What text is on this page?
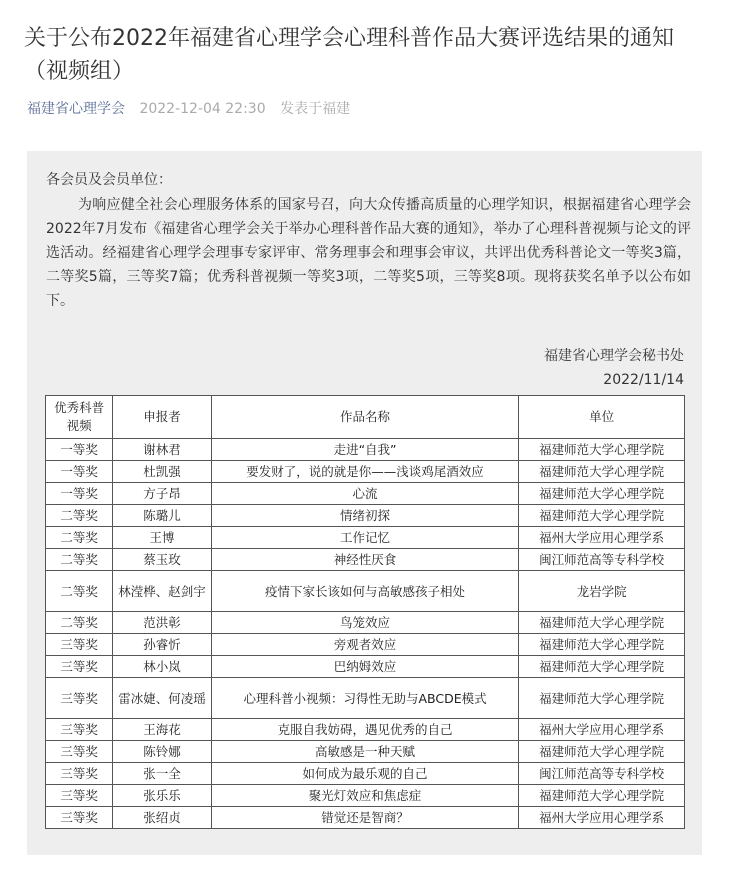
关于公布2022年福建省心理学会心理科普作品大赛评选结果的通知（视频组）
福建省心理学会 2022-12-04 22:30 发表于福建
各会员及会员单位：

为响应健全社会心理服务体系的国家号召，向大众传播高质量的心理学知识，根据福建省心理学会2022年7月发布《福建省心理学会关于举办心理科普作品大赛的通知》，举办了心理科普视频与论文的评选活动。经福建省心理学会理事专家评审、常务理事会和理事会审议，共评出优秀科普论文一等奖3篇，二等奖5篇，三等奖7篇；优秀科普视频一等奖3项，二等奖5项，三等奖8项。现将获奖名单予以公布如下。

福建省心理学会秘书处
2022/11/14
优秀科普视频	申报者	作品名称	单位
一等奖	谢林君	走进“自我”	福建师范大学心理学院
一等奖	杜凯强	要发财了，说的就是你——浅谈鸡尾酒效应	福建师范大学心理学院
一等奖	方子昂	心流	福建师范大学心理学院
二等奖	陈璐儿	情绪初探	福建师范大学心理学院
二等奖	王博	工作记忆	福州大学应用心理学系
二等奖	蔡玉玫	神经性厌食	闽江师范高等专科学校
二等奖	林滢桦、赵剑宇	疫情下家长该如何与高敏感孩子相处	龙岩学院
二等奖	范洪彰	鸟笼效应	福建师范大学心理学院
三等奖	孙睿忻	旁观者效应	福建师范大学心理学院
三等奖	林小岚	巴纳姆效应	福建师范大学心理学院
三等奖	雷冰婕、何凌瑶	心理科普小视频：习得性无助与ABCDE模式	福建师范大学心理学院
三等奖	王海花	克服自我妨碍，遇见优秀的自己	福州大学应用心理学系
三等奖	陈铃娜	高敏感是一种天赋	福建师范大学心理学院
三等奖	张一全	如何成为最乐观的自己	闽江师范高等专科学校
三等奖	张乐乐	聚光灯效应和焦虑症	福建师范大学心理学院
三等奖	张绍贞	错觉还是智商？	福州大学应用心理学系
